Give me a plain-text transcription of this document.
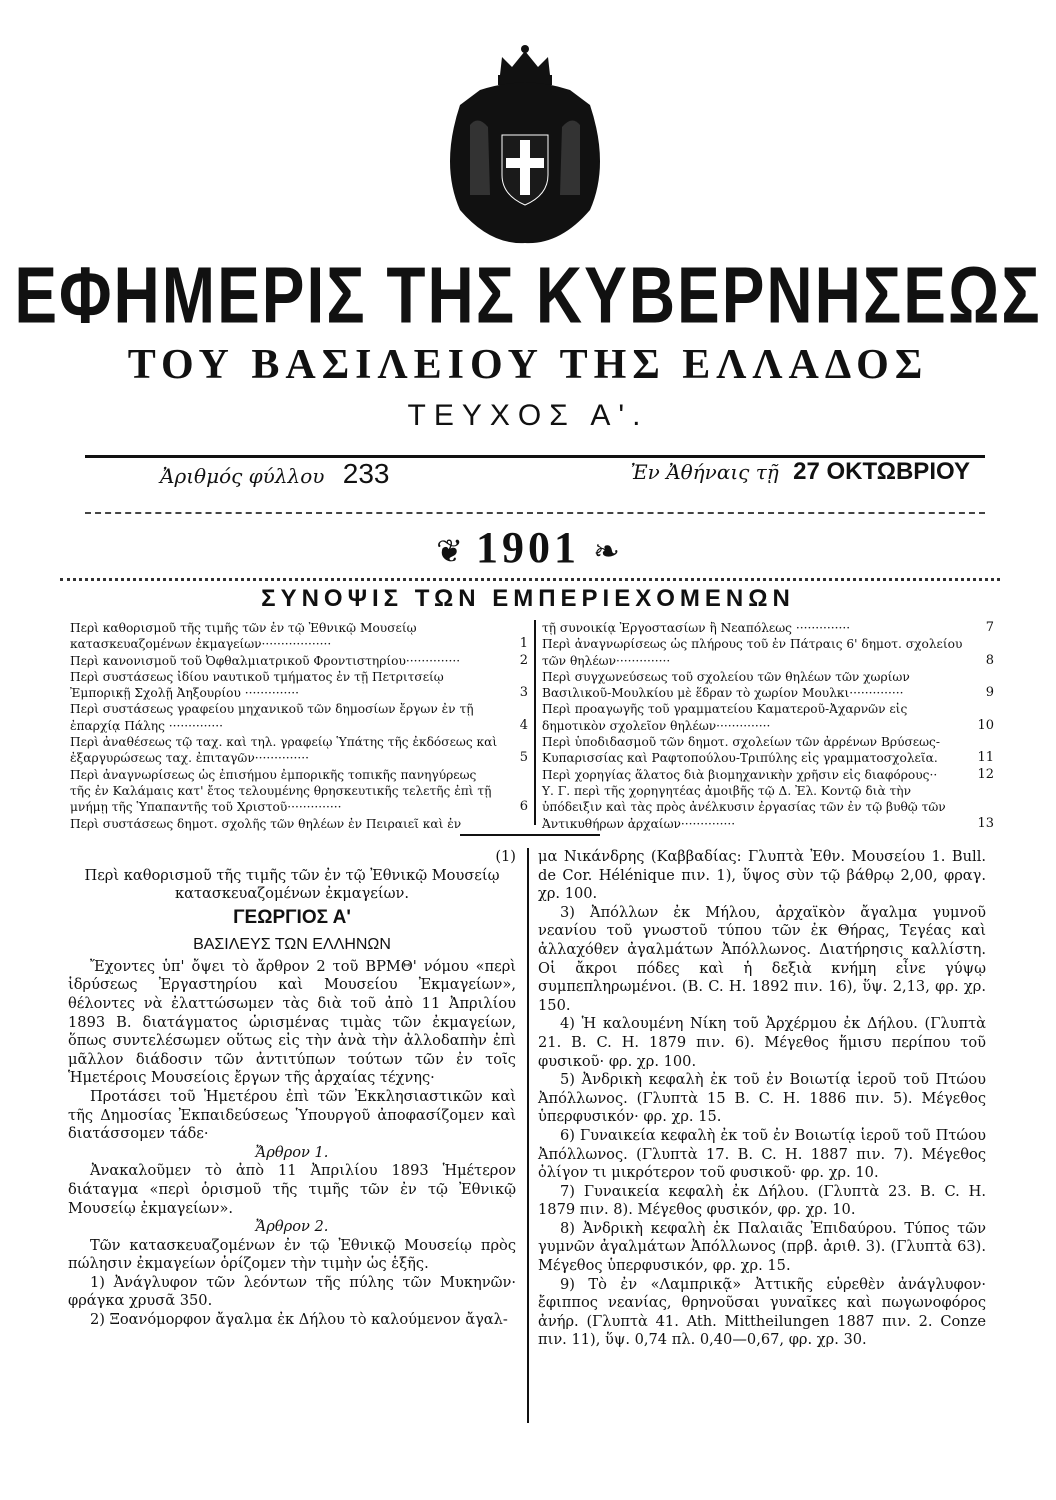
ΕΦΗΜΕΡΙΣ ΤΗΣ ΚΥΒΕΡΝΗΣΕΩΣ
ΤΟΥ ΒΑΣΙΛΕΙΟΥ ΤΗΣ ΕΛΛΑΔΟΣ
ΤΕΥΧΟΣ Α'.
Ἀριθμός φύλλου 233	Ἐν Ἀθήναις τῇ 27 ΟΚΤΩΒΡΙΟΥ
❦ 1901 ❧
ΣΥΝΟΨΙΣ ΤΩΝ ΕΜΠΕΡΙΕΧΟΜΕΝΩΝ
Περὶ καθορισμοῦ τῆς τιμῆς τῶν ἐν τῷ Ἐθνικῷ Μουσείῳ κατασκευαζομένων ἐκμαγείων··················	1
Περὶ κανονισμοῦ τοῦ Ὀφθαλμιατρικοῦ Φροντιστηρίου··············	2
Περὶ συστάσεως ἰδίου ναυτικοῦ τμήματος ἐν τῇ Πετριτσείῳ Ἐμπορικῇ Σχολῇ Ἀηξουρίου ··············	3
Περὶ συστάσεως γραφείου μηχανικοῦ τῶν δημοσίων ἔργων ἐν τῇ ἐπαρχίᾳ Πάλης ··············	4
Περὶ ἀναθέσεως τῷ ταχ. καὶ τηλ. γραφείῳ Ὑπάτης τῆς ἐκδόσεως καὶ ἐξαργυρώσεως ταχ. ἐπιταγῶν··············	5
Περὶ ἀναγνωρίσεως ὡς ἐπισήμου ἐμπορικῆς τοπικῆς πανηγύρεως τῆς ἐν Καλάμαις κατ' ἔτος τελουμένης θρησκευτικῆς τελετῆς ἐπὶ τῇ μνήμῃ τῆς Ὑπαπαντῆς τοῦ Χριστοῦ··············	6
Περὶ συστάσεως δημοτ. σχολῆς τῶν θηλέων ἐν Πειραιεῖ καὶ ἐν
τῇ συνοικίᾳ Ἐργοστασίων ἢ Νεαπόλεως ··············	7
Περὶ ἀναγνωρίσεως ὡς πλήρους τοῦ ἐν Πάτραις 6' δημοτ. σχολείου τῶν θηλέων··············	8
Περὶ συγχωνεύσεως τοῦ σχολείου τῶν θηλέων τῶν χωρίων Βασιλικοῦ-Μουλκίου μὲ ἕδραν τὸ χωρίον Μουλκι··············	9
Περὶ προαγωγῆς τοῦ γραμματείου Καματεροῦ-Ἀχαρνῶν εἰς δημοτικὸν σχολεῖον θηλέων··············	10
Περὶ ὑποδιδασμοῦ τῶν δημοτ. σχολείων τῶν ἀρρένων Βρύσεως-Κυπαρισσίας καὶ Ραφτοπούλου-Τριπύλης εἰς γραμματοσχολεῖα.	11
Περὶ χορηγίας ἅλατος διὰ βιομηχανικὴν χρῆσιν εἰς διαφόρους··	12
Υ. Γ. περὶ τῆς χορηγητέας ἀμοιβῆς τῷ Δ. Ἐλ. Κοντῷ διὰ τὴν ὑπόδειξιν καὶ τὰς πρὸς ἀνέλκυσιν ἐργασίας τῶν ἐν τῷ βυθῷ τῶν Ἀντικυθήρων ἀρχαίων··············	13

(1)

Περὶ καθορισμοῦ τῆς τιμῆς τῶν ἐν τῷ Ἐθνικῷ Μουσείῳ κατασκευαζομένων ἐκμαγείων.

ΓΕΩΡΓΙΟΣ Α'

ΒΑΣΙΛΕΥΣ ΤΩΝ ΕΛΛΗΝΩΝ

Ἔχοντες ὑπ' ὄψει τὸ ἄρθρον 2 τοῦ ΒΡΜΘ' νόμου «περὶ ἱδρύσεως Ἐργαστηρίου καὶ Μουσείου Ἐκμαγείων», θέλοντες νὰ ἐλαττώσωμεν τὰς διὰ τοῦ ἀπὸ 11 Ἀπριλίου 1893 Β. διατάγματος ὡρισμένας τιμὰς τῶν ἐκμαγείων, ὅπως συντελέσωμεν οὕτως εἰς τὴν ἀνὰ τὴν ἀλλοδαπὴν ἐπὶ μᾶλλον διάδοσιν τῶν ἀντιτύπων τούτων τῶν ἐν τοῖς Ἡμετέροις Μουσείοις ἔργων τῆς ἀρχαίας τέχνης·

Προτάσει τοῦ Ἡμετέρου ἐπὶ τῶν Ἐκκλησιαστικῶν καὶ τῆς Δημοσίας Ἐκπαιδεύσεως Ὑπουργοῦ ἀποφασίζομεν καὶ διατάσσομεν τάδε·

Ἄρθρον 1.

Ἀνακαλοῦμεν τὸ ἀπὸ 11 Ἀπριλίου 1893 Ἡμέτερον διάταγμα «περὶ ὁρισμοῦ τῆς τιμῆς τῶν ἐν τῷ Ἐθνικῷ Μουσείῳ ἐκμαγείων».

Ἄρθρον 2.

Τῶν κατασκευαζομένων ἐν τῷ Ἐθνικῷ Μουσείῳ πρὸς πώλησιν ἐκμαγείων ὁρίζομεν τὴν τιμὴν ὡς ἑξῆς.

1) Ἀνάγλυφον τῶν λεόντων τῆς πύλης τῶν Μυκηνῶν· φράγκα χρυσᾶ 350.

2) Ξοανόμορφον ἄγαλμα ἐκ Δήλου τὸ καλούμενον ἄγαλ-

μα Νικάνδρης (Καββαδίας: Γλυπτὰ Ἐθν. Μουσείου 1. Bull. de Cor. Hélénique πιν. 1), ὕψος σὺν τῷ βάθρῳ 2,00, φραγ. χρ. 100.

3) Ἀπόλλων ἐκ Μήλου, ἀρχαϊκὸν ἄγαλμα γυμνοῦ νεανίου τοῦ γνωστοῦ τύπου τῶν ἐκ Θήρας, Τεγέας καὶ ἀλλαχόθεν ἀγαλμάτων Ἀπόλλωνος. Διατήρησις καλλίστη. Οἱ ἄκροι πόδες καὶ ἡ δεξιὰ κνήμη εἶνε γύψῳ συμπεπληρωμένοι. (B. C. H. 1892 πιν. 16), ὕψ. 2,13, φρ. χρ. 150.

4) Ἡ καλουμένη Νίκη τοῦ Ἀρχέρμου ἐκ Δήλου. (Γλυπτὰ 21. B. C. H. 1879 πιν. 6). Μέγεθος ἥμισυ περίπου τοῦ φυσικοῦ· φρ. χρ. 100.

5) Ἀνδρικὴ κεφαλὴ ἐκ τοῦ ἐν Βοιωτίᾳ ἱεροῦ τοῦ Πτώου Ἀπόλλωνος. (Γλυπτὰ 15 B. C. H. 1886 πιν. 5). Μέγεθος ὑπερφυσικόν· φρ. χρ. 15.

6) Γυναικεία κεφαλὴ ἐκ τοῦ ἐν Βοιωτίᾳ ἱεροῦ τοῦ Πτώου Ἀπόλλωνος. (Γλυπτὰ 17. B. C. H. 1887 πιν. 7). Μέγεθος ὀλίγον τι μικρότερον τοῦ φυσικοῦ· φρ. χρ. 10.

7) Γυναικεία κεφαλὴ ἐκ Δήλου. (Γλυπτὰ 23. B. C. H. 1879 πιν. 8). Μέγεθος φυσικόν, φρ. χρ. 10.

8) Ἀνδρικὴ κεφαλὴ ἐκ Παλαιᾶς Ἐπιδαύρου. Τύπος τῶν γυμνῶν ἀγαλμάτων Ἀπόλλωνος (πρβ. ἀριθ. 3). (Γλυπτὰ 63). Μέγεθος ὑπερφυσικόν, φρ. χρ. 15.

9) Τὸ ἐν «Λαμπρικᾷ» Ἀττικῆς εὑρεθὲν ἀνάγλυφον· ἔφιππος νεανίας, θρηνοῦσαι γυναῖκες καὶ πωγωνοφόρος ἀνήρ. (Γλυπτὰ 41. Ath. Mittheilungen 1887 πιν. 2. Conze πιν. 11), ὕψ. 0,74 πλ. 0,40—0,67, φρ. χρ. 30.
